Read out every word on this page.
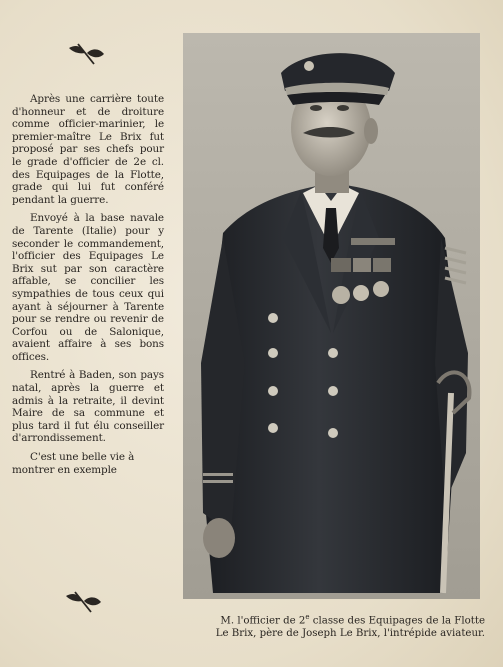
Après une carrière toute d'honneur et de droiture comme officier-marinier, le premier-maître Le Brix fut proposé par ses chefs pour le grade d'officier de 2e cl. des Equipages de la Flotte, grade qui lui fut conféré pendant la guerre.

Envoyé à la base navale de Tarente (Italie) pour y seconder le commandement, l'officier des Equipages Le Brix sut par son caractère affable, se concilier les sympathies de tous ceux qui ayant à séjourner à Tarente pour se rendre ou revenir de Corfou ou de Salonique, avaient affaire à ses bons offices.

Rentré à Baden, son pays natal, après la guerre et admis à la retraite, il devint Maire de sa commune et plus tard il fut élu conseiller d'arrondissement.

C'est une belle vie à montrer en exemple

M. l'officier de 2e classe des Equipages de la Flotte Le Brix, père de Joseph Le Brix, l'intrépide aviateur.
